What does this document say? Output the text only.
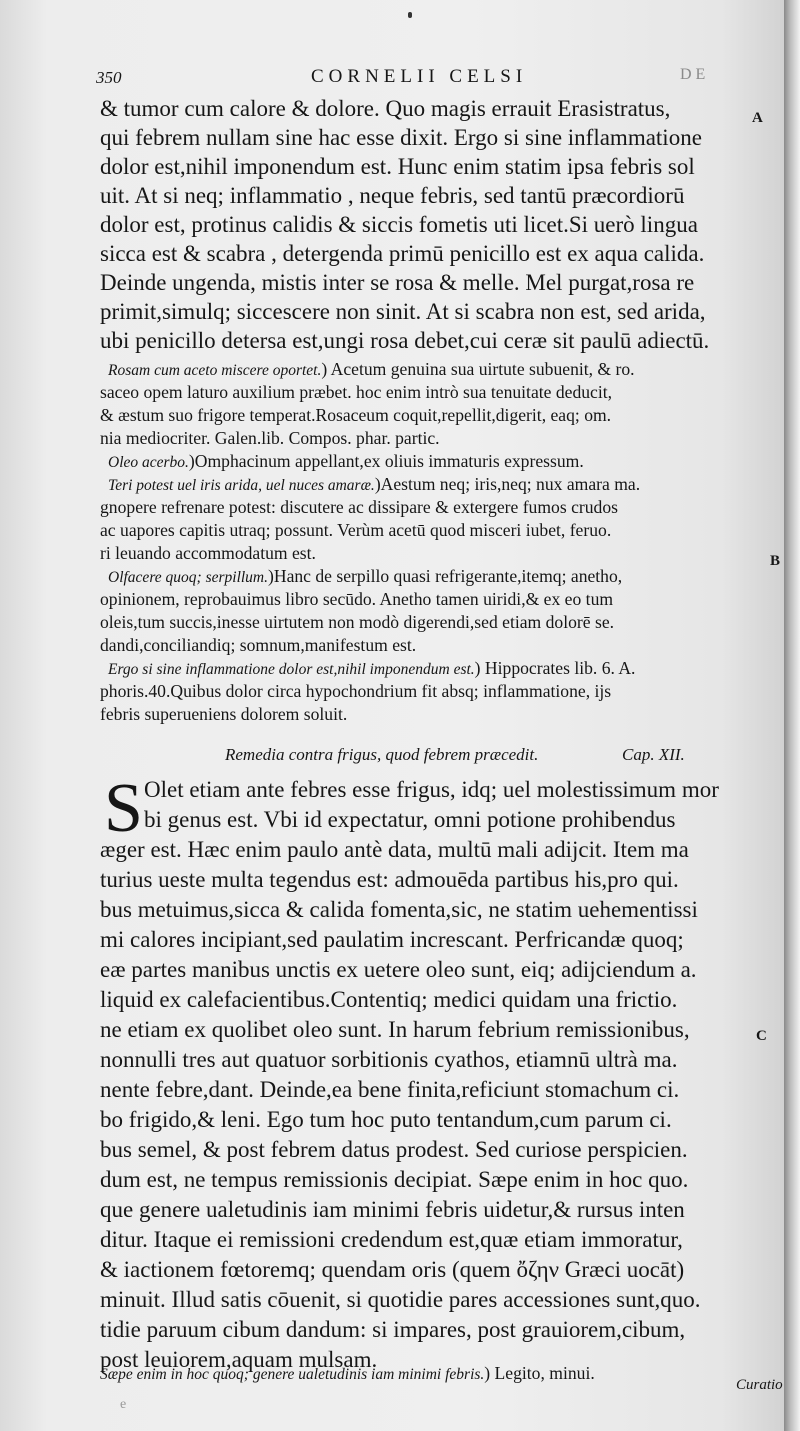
350	CORNELII CELSI	DE
& tumor cum calore & dolore. Quo magis errauit Erasistratus,
qui febrem nullam sine hac esse dixit. Ergo si sine inflammatione
dolor est,nihil imponendum est. Hunc enim statim ipsa febris sol
uit. At si neq; inflammatio , neque febris, sed tantū præcordiorū
dolor est, protinus calidis & siccis fometis uti licet.Si uerò lingua
sicca est & scabra , detergenda primū penicillo est ex aqua calida.
Deinde ungenda, mistis inter se rosa & melle. Mel purgat,rosa re
primit,simulq; siccescere non sinit. At si scabra non est, sed arida,
ubi penicillo detersa est,ungi rosa debet,cui ceræ sit paulū adiectū.
Rosam cum aceto miscere oportet.) Acetum genuina sua uirtute subuenit, & ro.
saceo opem laturo auxilium præbet. hoc enim intrò sua tenuitate deducit,
& æstum suo frigore temperat.Rosaceum coquit,repellit,digerit, eaq; om.
nia mediocriter. Galen.lib. Compos. phar. partic.
Oleo acerbo.)Omphacinum appellant,ex oliuis immaturis expressum.
Teri potest uel iris arida, uel nuces amaræ.)Aestum neq; iris,neq; nux amara ma.
gnopere refrenare potest: discutere ac dissipare & extergere fumos crudos
ac uapores capitis utraq; possunt. Verùm acetū quod misceri iubet, feruo.
ri leuando accommodatum est.
Olfacere quoq; serpillum.)Hanc de serpillo quasi refrigerante,itemq; anetho,
opinionem, reprobauimus libro secūdo. Anetho tamen uiridi,& ex eo tum
oleis,tum succis,inesse uirtutem non modò digerendi,sed etiam dolorē se.
dandi,conciliandiq; somnum,manifestum est.
Ergo si sine inflammatione dolor est,nihil imponendum est.) Hippocrates lib. 6. A.
phoris.40.Quibus dolor circa hypochondrium fit absq; inflammatione, ijs
febris superueniens dolorem soluit.
Remedia contra frigus, quod febrem præcedit.	Cap. XII.
S Olet etiam ante febres esse frigus, idq; uel molestissimum mor
bi genus est. Vbi id expectatur, omni potione prohibendus
æger est. Hæc enim paulo antè data, multū mali adijcit. Item ma
turius ueste multa tegendus est: admouēda partibus his,pro qui.
bus metuimus,sicca & calida fomenta,sic, ne statim uehementissi
mi calores incipiant,sed paulatim increscant. Perfricandæ quoq;
eæ partes manibus unctis ex uetere oleo sunt, eiq; adijciendum a.
liquid ex calefacientibus.Contentiq; medici quidam una frictio.
ne etiam ex quolibet oleo sunt. In harum febrium remissionibus,
nonnulli tres aut quatuor sorbitionis cyathos, etiamnū ultrà ma.
nente febre,dant. Deinde,ea bene finita,reficiunt stomachum ci.
bo frigido,& leni. Ego tum hoc puto tentandum,cum parum ci.
bus semel, & post febrem datus prodest. Sed curiose perspicien.
dum est, ne tempus remissionis decipiat. Sæpe enim in hoc quo.
que genere ualetudinis iam minimi febris uidetur,& rursus inten
ditur. Itaque ei remissioni credendum est,quæ etiam immoratur,
& iactionem fœtoremq; quendam oris (quem ὄζην Græci uocāt)
minuit. Illud satis cōuenit, si quotidie pares accessiones sunt,quo.
tidie paruum cibum dandum: si impares, post grauiorem,cibum,
post leuiorem,aquam mulsam.
Sæpe enim in hoc quoq; genere ualetudinis iam minimi febris.) Legito, minui.
A
B
C
Curatio
e
